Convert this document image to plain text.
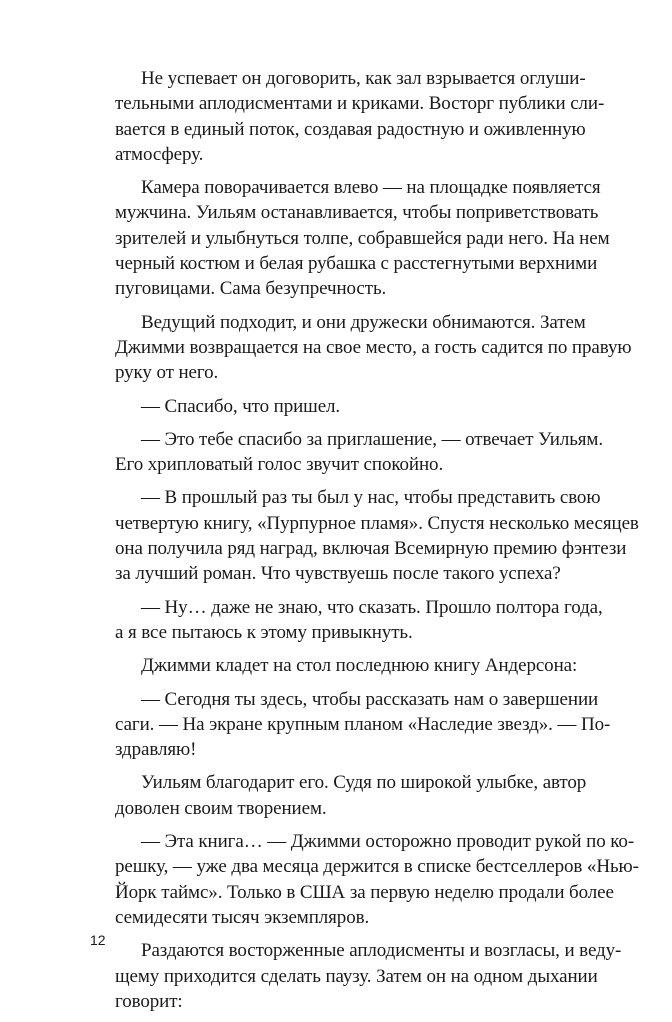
Не успевает он договорить, как зал взрывается оглуши-
тельными аплодисментами и криками. Восторг публики сли-
вается в единый поток, создавая радостную и оживленную
атмосферу.
Камера поворачивается влево — на площадке появляется
мужчина. Уильям останавливается, чтобы поприветствовать
зрителей и улыбнуться толпе, собравшейся ради него. На нем
черный костюм и белая рубашка с расстегнутыми верхними
пуговицами. Сама безупречность.
Ведущий подходит, и они дружески обнимаются. Затем
Джимми возвращается на свое место, а гость садится по правую
руку от него.
— Спасибо, что пришел.
— Это тебе спасибо за приглашение, — отвечает Уильям.
Его хрипловатый голос звучит спокойно.
— В прошлый раз ты был у нас, чтобы представить свою
четвертую книгу, «Пурпурное пламя». Спустя несколько месяцев
она получила ряд наград, включая Всемирную премию фэнтези
за лучший роман. Что чувствуешь после такого успеха?
— Ну… даже не знаю, что сказать. Прошло полтора года,
а я все пытаюсь к этому привыкнуть.
Джимми кладет на стол последнюю книгу Андерсона:
— Сегодня ты здесь, чтобы рассказать нам о завершении
саги. — На экране крупным планом «Наследие звезд». — По-
здравляю!
Уильям благодарит его. Судя по широкой улыбке, автор
доволен своим творением.
— Эта книга… — Джимми осторожно проводит рукой по ко-
решку, — уже два месяца держится в списке бестселлеров «Нью-
Йорк таймс». Только в США за первую неделю продали более
семидесяти тысяч экземпляров.
Раздаются восторженные аплодисменты и возгласы, и веду-
щему приходится сделать паузу. Затем он на одном дыхании
говорит:
12
